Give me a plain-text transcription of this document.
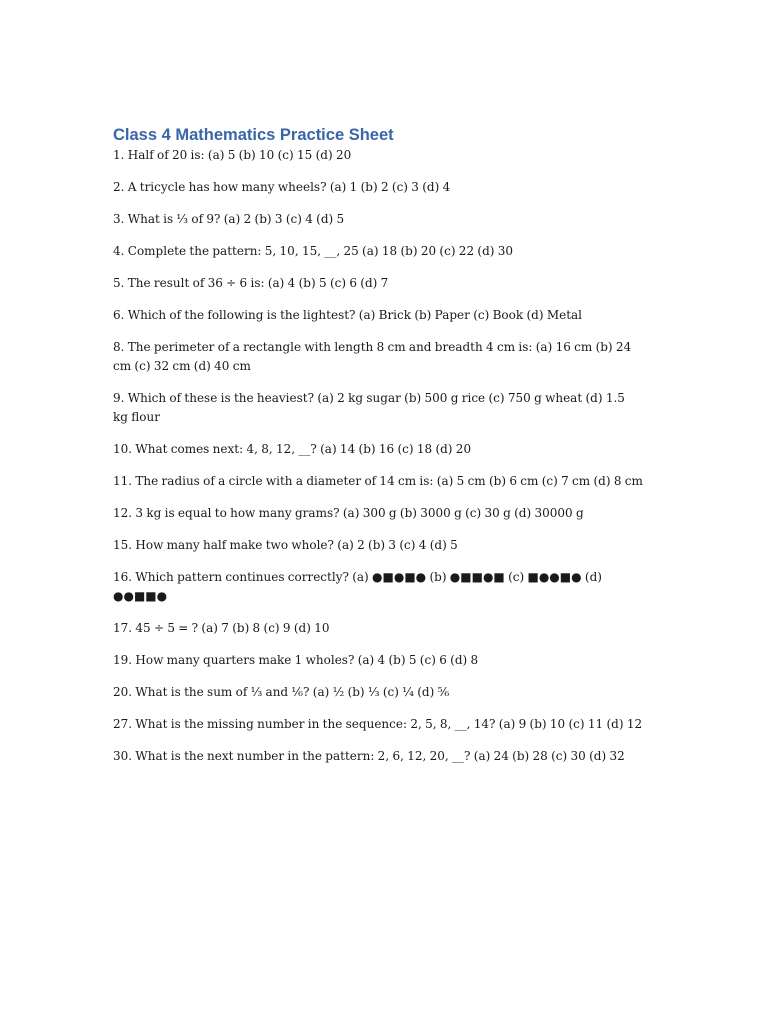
Class 4 Mathematics Practice Sheet

1. Half of 20 is: (a) 5 (b) 10 (c) 15 (d) 20

2. A tricycle has how many wheels? (a) 1 (b) 2 (c) 3 (d) 4

3. What is ⅓ of 9? (a) 2 (b) 3 (c) 4 (d) 5

4. Complete the pattern: 5, 10, 15, __, 25 (a) 18 (b) 20 (c) 22 (d) 30

5. The result of 36 ÷ 6 is: (a) 4 (b) 5 (c) 6 (d) 7

6. Which of the following is the lightest? (a) Brick (b) Paper (c) Book (d) Metal

8. The perimeter of a rectangle with length 8 cm and breadth 4 cm is: (a) 16 cm (b) 24 cm (c) 32 cm (d) 40 cm

9. Which of these is the heaviest? (a) 2 kg sugar (b) 500 g rice (c) 750 g wheat (d) 1.5 kg flour

10. What comes next: 4, 8, 12, __? (a) 14 (b) 16 (c) 18 (d) 20

11. The radius of a circle with a diameter of 14 cm is: (a) 5 cm (b) 6 cm (c) 7 cm (d) 8 cm

12. 3 kg is equal to how many grams? (a) 300 g (b) 3000 g (c) 30 g (d) 30000 g

15. How many half make two whole? (a) 2 (b) 3 (c) 4 (d) 5

16. Which pattern continues correctly? (a) ●■●■● (b) ●■■●■ (c) ■●●■● (d) ●●■■●

17. 45 ÷ 5 = ? (a) 7 (b) 8 (c) 9 (d) 10

19. How many quarters make 1 wholes? (a) 4 (b) 5 (c) 6 (d) 8

20. What is the sum of ⅓ and ⅙? (a) ½ (b) ⅓ (c) ¼ (d) ⅚

27. What is the missing number in the sequence: 2, 5, 8, __, 14? (a) 9 (b) 10 (c) 11 (d) 12

30. What is the next number in the pattern: 2, 6, 12, 20, __? (a) 24 (b) 28 (c) 30 (d) 32
